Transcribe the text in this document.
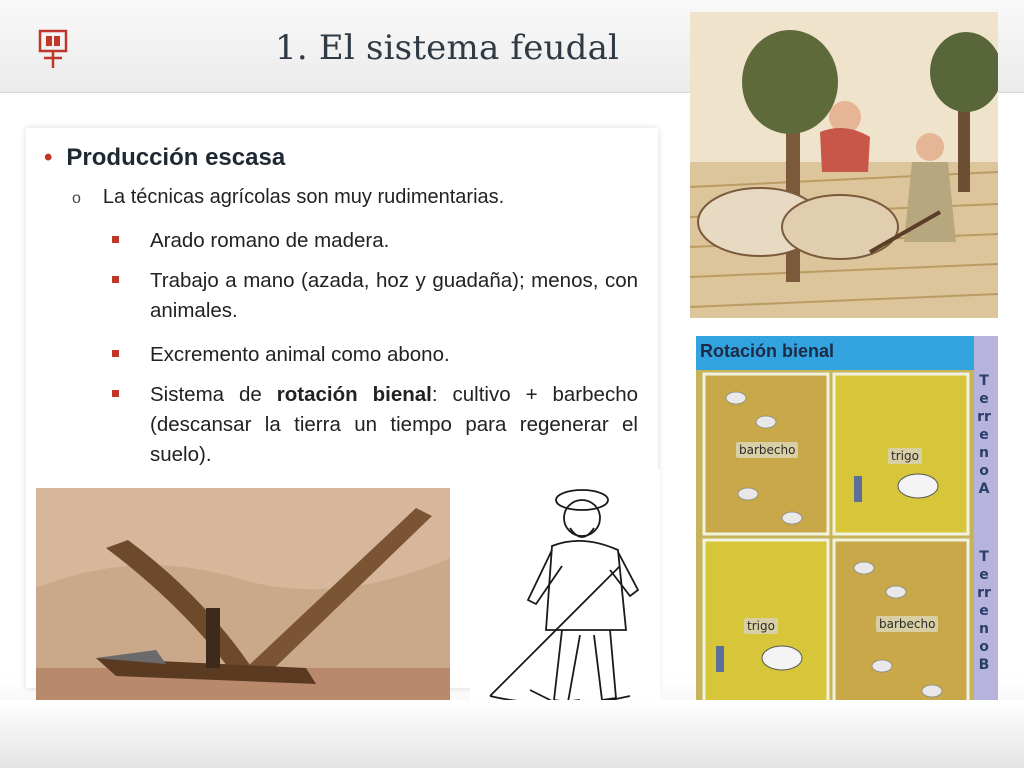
1. El sistema feudal
• Producción escasa
o La técnicas agrícolas son muy rudimentarias.
Arado romano de madera.
Trabajo a mano (azada, hoz y guadaña); menos, con animales.
Excremento animal como abono.
Sistema de rotación bienal: cultivo + barbecho (descansar la tierra un tiempo para regenerar el suelo).
Rotación bienal
barbecho	trigo
trigo	barbecho
TerrenoA
TerrenoB
